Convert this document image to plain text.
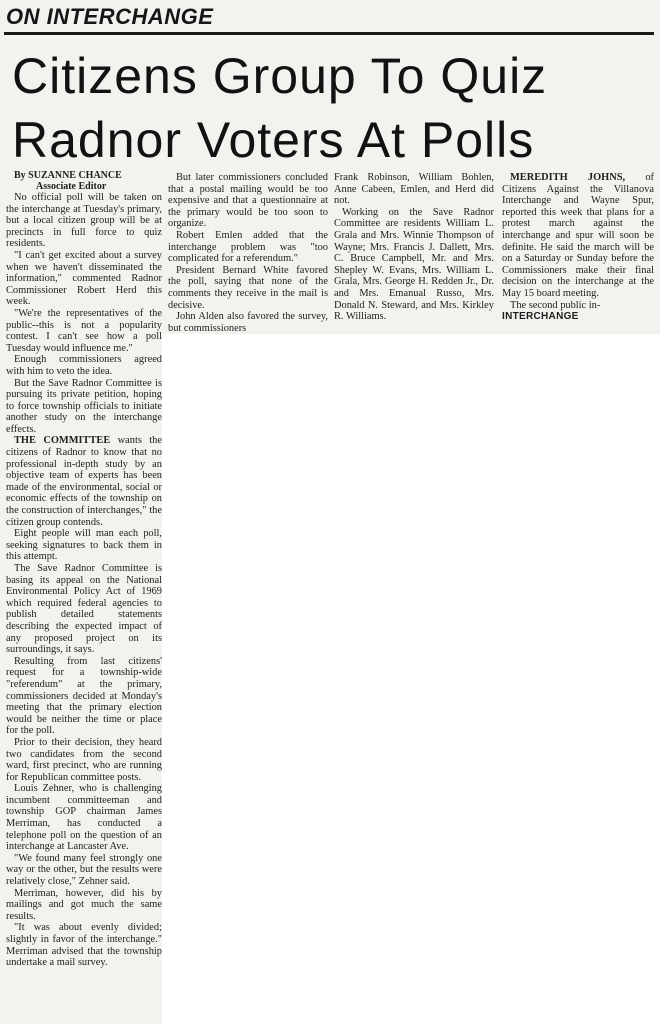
ON INTERCHANGE
Citizens Group To Quiz Radnor Voters At Polls

By SUZANNE CHANCE

Associate Editor

No official poll will be taken on the interchange at Tuesday's primary, but a local citizen group will be at precincts in full force to quiz residents.

"I can't get excited about a survey when we haven't disseminated the information," commented Radnor Commissioner Robert Herd this week.

"We're the representatives of the public--this is not a popularity contest. I can't see how a poll Tuesday would influence me."

Enough commissioners agreed with him to veto the idea.

But the Save Radnor Committee is pursuing its private petition, hoping to force township officials to initiate another study on the interchange effects.

THE COMMITTEE wants the citizens of Radnor to know that no professional in-depth study by an objective team of experts has been made of the environmental, social or economic effects of the township on the construction of interchanges," the citizen group contends.

Eight people will man each poll, seeking signatures to back them in this attempt.

The Save Radnor Committee is basing its appeal on the National Environmental Policy Act of 1969 which required federal agencies to publish detailed statements describing the expected impact of any proposed project on its surroundings, it says.

Resulting from last citizens' request for a township-wide "referendum" at the primary, commissioners decided at Monday's meeting that the primary election would be neither the time or place for the poll.

Prior to their decision, they heard two candidates from the second ward, first precinct, who are running for Republican committee posts.

Louis Zehner, who is challenging incumbent committeeman and township GOP chairman James Merriman, has conducted a telephone poll on the question of an interchange at Lancaster Ave.

"We found many feel strongly one way or the other, but the results were relatively close," Zehner said.

Merriman, however, did his by mailings and got much the same results.

"It was about evenly divided; slightly in favor of the interchange." Merriman advised that the township undertake a mail survey.

But later commissioners concluded that a postal mailing would be too expensive and that a questionnaire at the primary would be too soon to organize.

Robert Emlen added that the interchange problem was "too complicated for a referendum."

President Bernard White favored the poll, saying that none of the comments they receive in the mail is decisive.

John Alden also favored the survey, but commissioners

Frank Robinson, William Bohlen, Anne Cabeen, Emlen, and Herd did not.

Working on the Save Radnor Committee are residents William L. Grala and Mrs. Winnie Thompson of Wayne; Mrs. Francis J. Dallett, Mrs. C. Bruce Campbell, Mr. and Mrs. Shepley W. Evans, Mrs. William L. Grala, Mrs. George H. Redden Jr., Dr. and Mrs. Emanual Russo, Mrs. Donald N. Steward, and Mrs. Kirkley R. Williams.

MEREDITH JOHNS, of Citizens Against the Villanova Interchange and Wayne Spur, reported this week that plans for a protest march against the interchange and spur will soon be definite. He said the march will be on a Saturday or Sunday before the Commissioners make their final decision on the interchange at the May 15 board meeting.

The second public in-

INTERCHANGE
